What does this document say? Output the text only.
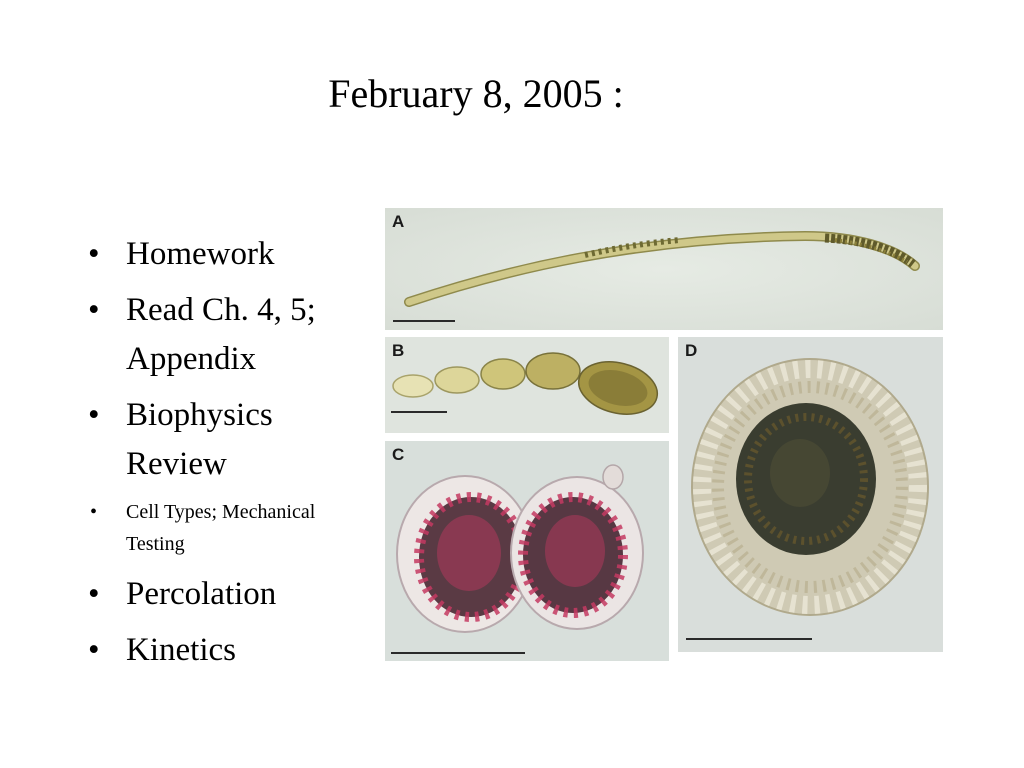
February 8, 2005 :
• Homework
• Read Ch. 4, 5; Appendix
• Biophysics Review
• Cell Types; Mechanical Testing
• Percolation
• Kinetics
A
B
C
D
